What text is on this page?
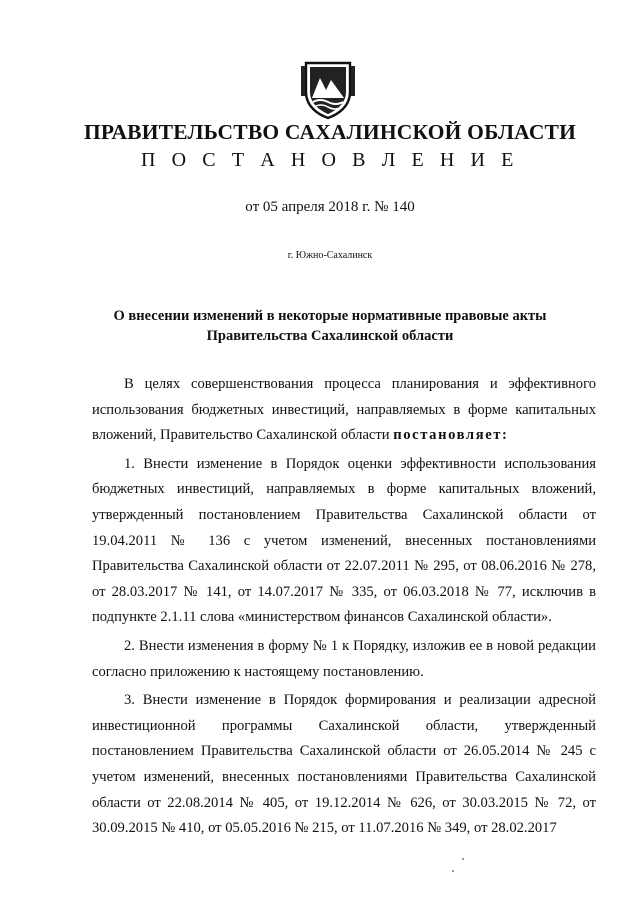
ПРАВИТЕЛЬСТВО САХАЛИНСКОЙ ОБЛАСТИ
П О С Т А Н О В Л Е Н И Е
от 05 апреля 2018 г. № 140
г. Южно-Сахалинск
О внесении изменений в некоторые нормативные правовые акты
Правительства Сахалинской области

В целях совершенствования процесса планирования и эффективного использования бюджетных инвестиций, направляемых в форме капитальных вложений, Правительство Сахалинской области постановляет:

1. Внести изменение в Порядок оценки эффективности использования бюджетных инвестиций, направляемых в форме капитальных вложений, утвержденный постановлением Правительства Сахалинской области от 19.04.2011 № 136 с учетом изменений, внесенных постановлениями Правительства Сахалинской области от 22.07.2011 № 295, от 08.06.2016 № 278, от 28.03.2017 № 141, от 14.07.2017 № 335, от 06.03.2018 № 77, исключив в подпункте 2.1.11 слова «министерством финансов Сахалинской области».

2. Внести изменения в форму № 1 к Порядку, изложив ее в новой редакции согласно приложению к настоящему постановлению.

3. Внести изменение в Порядок формирования и реализации адресной инвестиционной программы Сахалинской области, утвержденный постановлением Правительства Сахалинской области от 26.05.2014 № 245 с учетом изменений, внесенных постановлениями Правительства Сахалинской области от 22.08.2014 № 405, от 19.12.2014 № 626, от 30.03.2015 № 72, от 30.09.2015 № 410, от 05.05.2016 № 215, от 11.07.2016 № 349, от 28.02.2017
